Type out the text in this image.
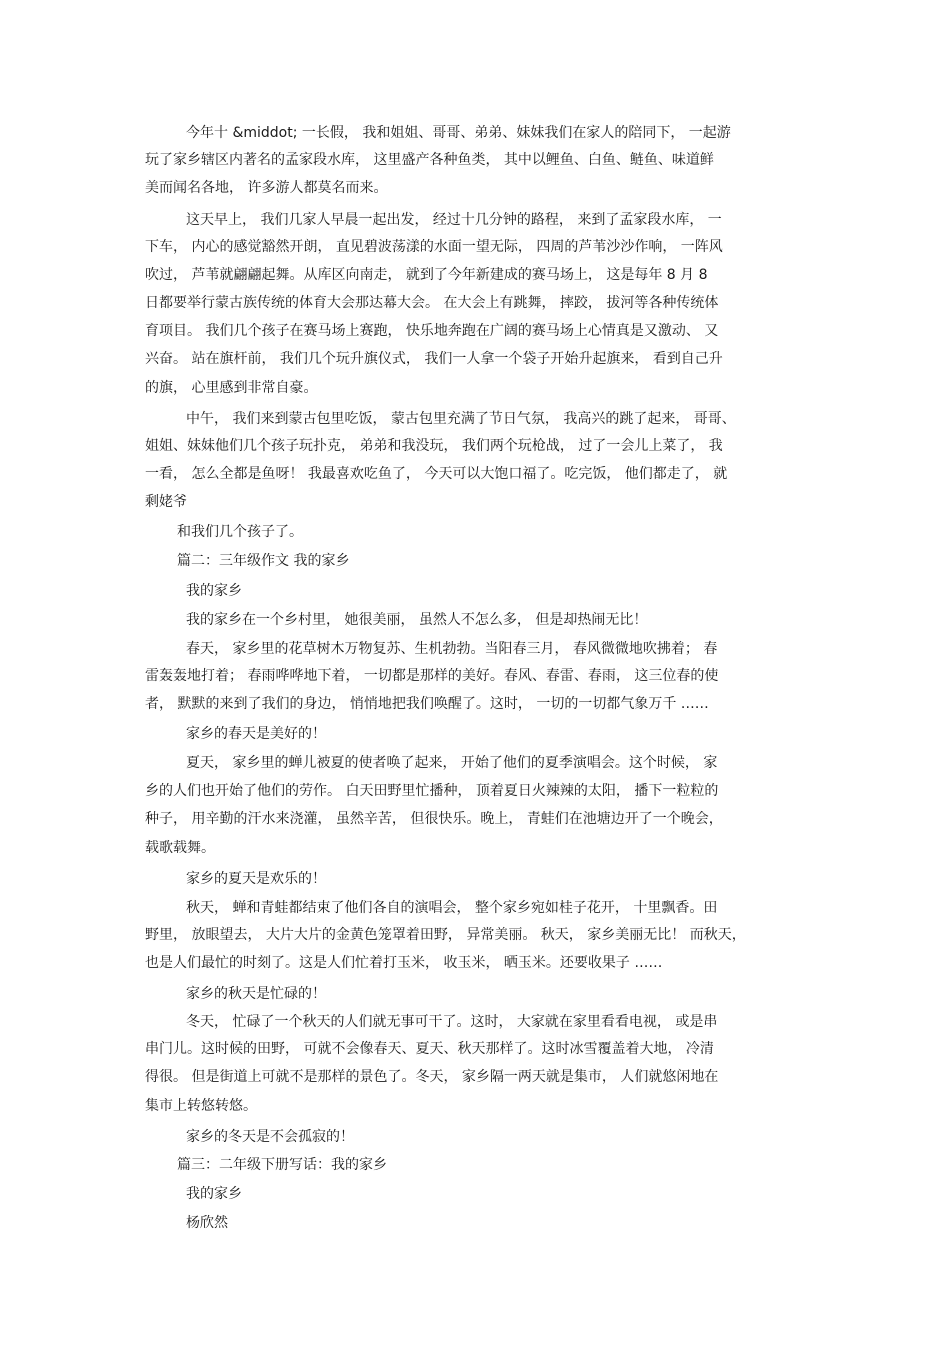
今年十 &middot; 一长假， 我和姐姐、哥哥、弟弟、妹妹我们在家人的陪同下， 一起游
玩了家乡辖区内著名的孟家段水库， 这里盛产各种鱼类， 其中以鲤鱼、白鱼、鲢鱼、味道鲜
美而闻名各地， 许多游人都莫名而来。
这天早上， 我们几家人早晨一起出发， 经过十几分钟的路程， 来到了孟家段水库， 一
下车， 内心的感觉豁然开朗， 直见碧波荡漾的水面一望无际， 四周的芦苇沙沙作响， 一阵风
吹过， 芦苇就翩翩起舞。从库区向南走， 就到了今年新建成的赛马场上， 这是每年 8 月 8
日都要举行蒙古族传统的体育大会那达幕大会。 在大会上有跳舞， 摔跤， 拔河等各种传统体
育项目。 我们几个孩子在赛马场上赛跑， 快乐地奔跑在广阔的赛马场上心情真是又激动、 又
兴奋。 站在旗杆前， 我们几个玩升旗仪式， 我们一人拿一个袋子开始升起旗来， 看到自己升
的旗， 心里感到非常自豪。
中午， 我们来到蒙古包里吃饭， 蒙古包里充满了节日气氛， 我高兴的跳了起来， 哥哥、
姐姐、妹妹他们几个孩子玩扑克， 弟弟和我没玩， 我们两个玩枪战， 过了一会儿上菜了， 我
一看， 怎么全都是鱼呀！ 我最喜欢吃鱼了， 今天可以大饱口福了。吃完饭， 他们都走了， 就
剩姥爷
和我们几个孩子了。
篇二：三年级作文 我的家乡
我的家乡
我的家乡在一个乡村里， 她很美丽， 虽然人不怎么多， 但是却热闹无比！
春天， 家乡里的花草树木万物复苏、生机勃勃。当阳春三月， 春风微微地吹拂着； 春
雷轰轰地打着； 春雨哗哗地下着， 一切都是那样的美好。春风、春雷、春雨， 这三位春的使
者， 默默的来到了我们的身边， 悄悄地把我们唤醒了。这时， 一切的一切都气象万千 ……
家乡的春天是美好的！
夏天， 家乡里的蝉儿被夏的使者唤了起来， 开始了他们的夏季演唱会。这个时候， 家
乡的人们也开始了他们的劳作。 白天田野里忙播种， 顶着夏日火辣辣的太阳， 播下一粒粒的
种子， 用辛勤的汗水来浇灌， 虽然辛苦， 但很快乐。晚上， 青蛙们在池塘边开了一个晚会，
载歌载舞。
家乡的夏天是欢乐的！
秋天， 蝉和青蛙都结束了他们各自的演唱会， 整个家乡宛如桂子花开， 十里飘香。田
野里， 放眼望去， 大片大片的金黄色笼罩着田野， 异常美丽。 秋天， 家乡美丽无比！ 而秋天，
也是人们最忙的时刻了。这是人们忙着打玉米， 收玉米， 晒玉米。还要收果子 ……
家乡的秋天是忙碌的！
冬天， 忙碌了一个秋天的人们就无事可干了。这时， 大家就在家里看看电视， 或是串
串门儿。这时候的田野， 可就不会像春天、夏天、秋天那样了。这时冰雪覆盖着大地， 冷清
得很。 但是街道上可就不是那样的景色了。冬天， 家乡隔一两天就是集市， 人们就悠闲地在
集市上转悠转悠。
家乡的冬天是不会孤寂的！
篇三：二年级下册写话：我的家乡
我的家乡
杨欣然
